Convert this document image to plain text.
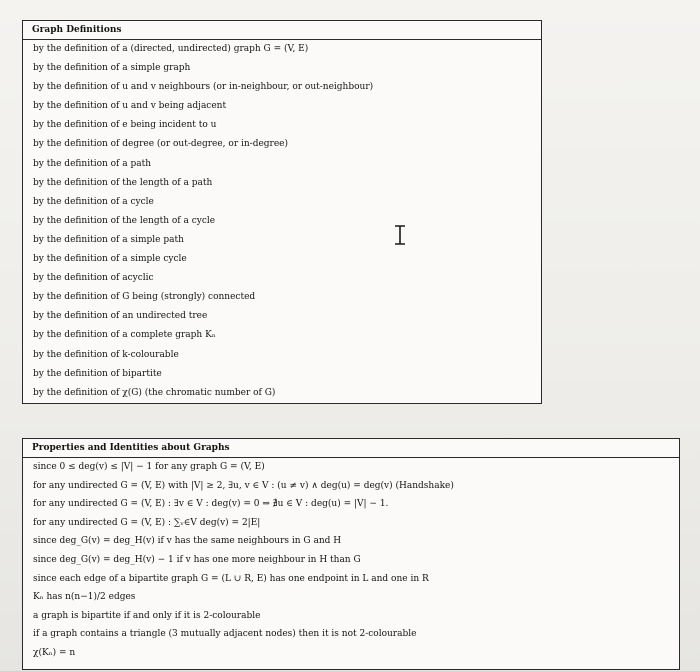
Graph Definitions
by the definition of a (directed, undirected) graph G = (V, E)
by the definition of a simple graph
by the definition of u and v neighbours (or in-neighbour, or out-neighbour)
by the definition of u and v being adjacent
by the definition of e being incident to u
by the definition of degree (or out-degree, or in-degree)
by the definition of a path
by the definition of the length of a path
by the definition of a cycle
by the definition of the length of a cycle
by the definition of a simple path
by the definition of a simple cycle
by the definition of acyclic
by the definition of G being (strongly) connected
by the definition of an undirected tree
by the definition of a complete graph Kₙ
by the definition of k-colourable
by the definition of bipartite
by the definition of χ(G) (the chromatic number of G)
Properties and Identities about Graphs
since 0 ≤ deg(v) ≤ |V| − 1 for any graph G = (V, E)
for any undirected G = (V, E) with |V| ≥ 2, ∃u, v ∈ V : (u ≠ v) ∧ deg(u) = deg(v) (Handshake)
for any undirected G = (V, E) : ∃v ∈ V : deg(v) = 0 ⇒ ∄u ∈ V : deg(u) = |V| − 1.
for any undirected G = (V, E) : ∑ᵥ∈V deg(v) = 2|E|
since deg_G(v) = deg_H(v) if v has the same neighbours in G and H
since deg_G(v) = deg_H(v) − 1 if v has one more neighbour in H than G
since each edge of a bipartite graph G = (L ∪ R, E) has one endpoint in L and one in R
Kₙ has n(n−1)/2 edges
a graph is bipartite if and only if it is 2-colourable
if a graph contains a triangle (3 mutually adjacent nodes) then it is not 2-colourable
χ(Kₙ) = n
